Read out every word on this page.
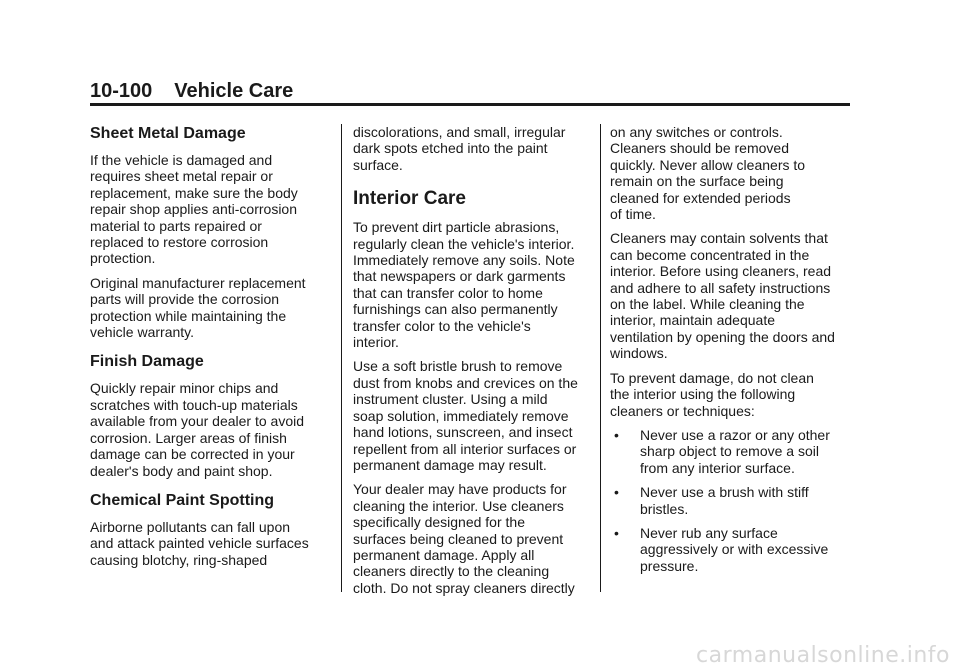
10-100 Vehicle Care
Sheet Metal Damage

If the vehicle is damaged and
requires sheet metal repair or
replacement, make sure the body
repair shop applies anti-corrosion
material to parts repaired or
replaced to restore corrosion
protection.

Original manufacturer replacement
parts will provide the corrosion
protection while maintaining the
vehicle warranty.

Finish Damage

Quickly repair minor chips and
scratches with touch-up materials
available from your dealer to avoid
corrosion. Larger areas of finish
damage can be corrected in your
dealer's body and paint shop.

Chemical Paint Spotting

Airborne pollutants can fall upon
and attack painted vehicle surfaces
causing blotchy, ring-shaped

discolorations, and small, irregular
dark spots etched into the paint
surface.

Interior Care

To prevent dirt particle abrasions,
regularly clean the vehicle's interior.
Immediately remove any soils. Note
that newspapers or dark garments
that can transfer color to home
furnishings can also permanently
transfer color to the vehicle's
interior.

Use a soft bristle brush to remove
dust from knobs and crevices on the
instrument cluster. Using a mild
soap solution, immediately remove
hand lotions, sunscreen, and insect
repellent from all interior surfaces or
permanent damage may result.

Your dealer may have products for
cleaning the interior. Use cleaners
specifically designed for the
surfaces being cleaned to prevent
permanent damage. Apply all
cleaners directly to the cleaning
cloth. Do not spray cleaners directly

on any switches or controls.
Cleaners should be removed
quickly. Never allow cleaners to
remain on the surface being
cleaned for extended periods
of time.

Cleaners may contain solvents that
can become concentrated in the
interior. Before using cleaners, read
and adhere to all safety instructions
on the label. While cleaning the
interior, maintain adequate
ventilation by opening the doors and
windows.

To prevent damage, do not clean
the interior using the following
cleaners or techniques:

• Never use a razor or any other
sharp object to remove a soil
from any interior surface.
• Never use a brush with stiff
bristles.
• Never rub any surface
aggressively or with excessive
pressure.
carmanualsonline.info
